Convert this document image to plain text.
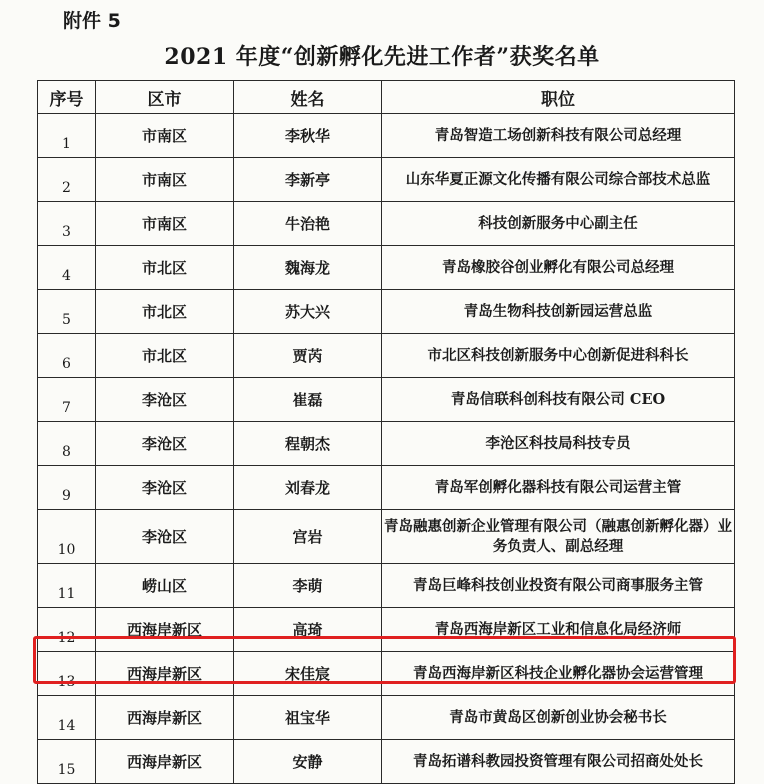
附件 5
2021 年度“创新孵化先进工作者”获奖名单
序号	区市	姓名	职位
1	市南区	李秋华	青岛智造工场创新科技有限公司总经理
2	市南区	李新亭	山东华夏正源文化传播有限公司综合部技术总监
3	市南区	牛治艳	科技创新服务中心副主任
4	市北区	魏海龙	青岛橡胶谷创业孵化有限公司总经理
5	市北区	苏大兴	青岛生物科技创新园运营总监
6	市北区	贾芮	市北区科技创新服务中心创新促进科科长
7	李沧区	崔磊	青岛信联科创科技有限公司 CEO
8	李沧区	程朝杰	李沧区科技局科技专员
9	李沧区	刘春龙	青岛军创孵化器科技有限公司运营主管
10	李沧区	宫岩	青岛融惠创新企业管理有限公司（融惠创新孵化器）业务负责人、副总经理
11	崂山区	李萌	青岛巨峰科技创业投资有限公司商事服务主管
12	西海岸新区	高琦	青岛西海岸新区工业和信息化局经济师
13	西海岸新区	宋佳宸	青岛西海岸新区科技企业孵化器协会运营管理
14	西海岸新区	祖宝华	青岛市黄岛区创新创业协会秘书长
15	西海岸新区	安静	青岛拓谱科教园投资管理有限公司招商处处长
